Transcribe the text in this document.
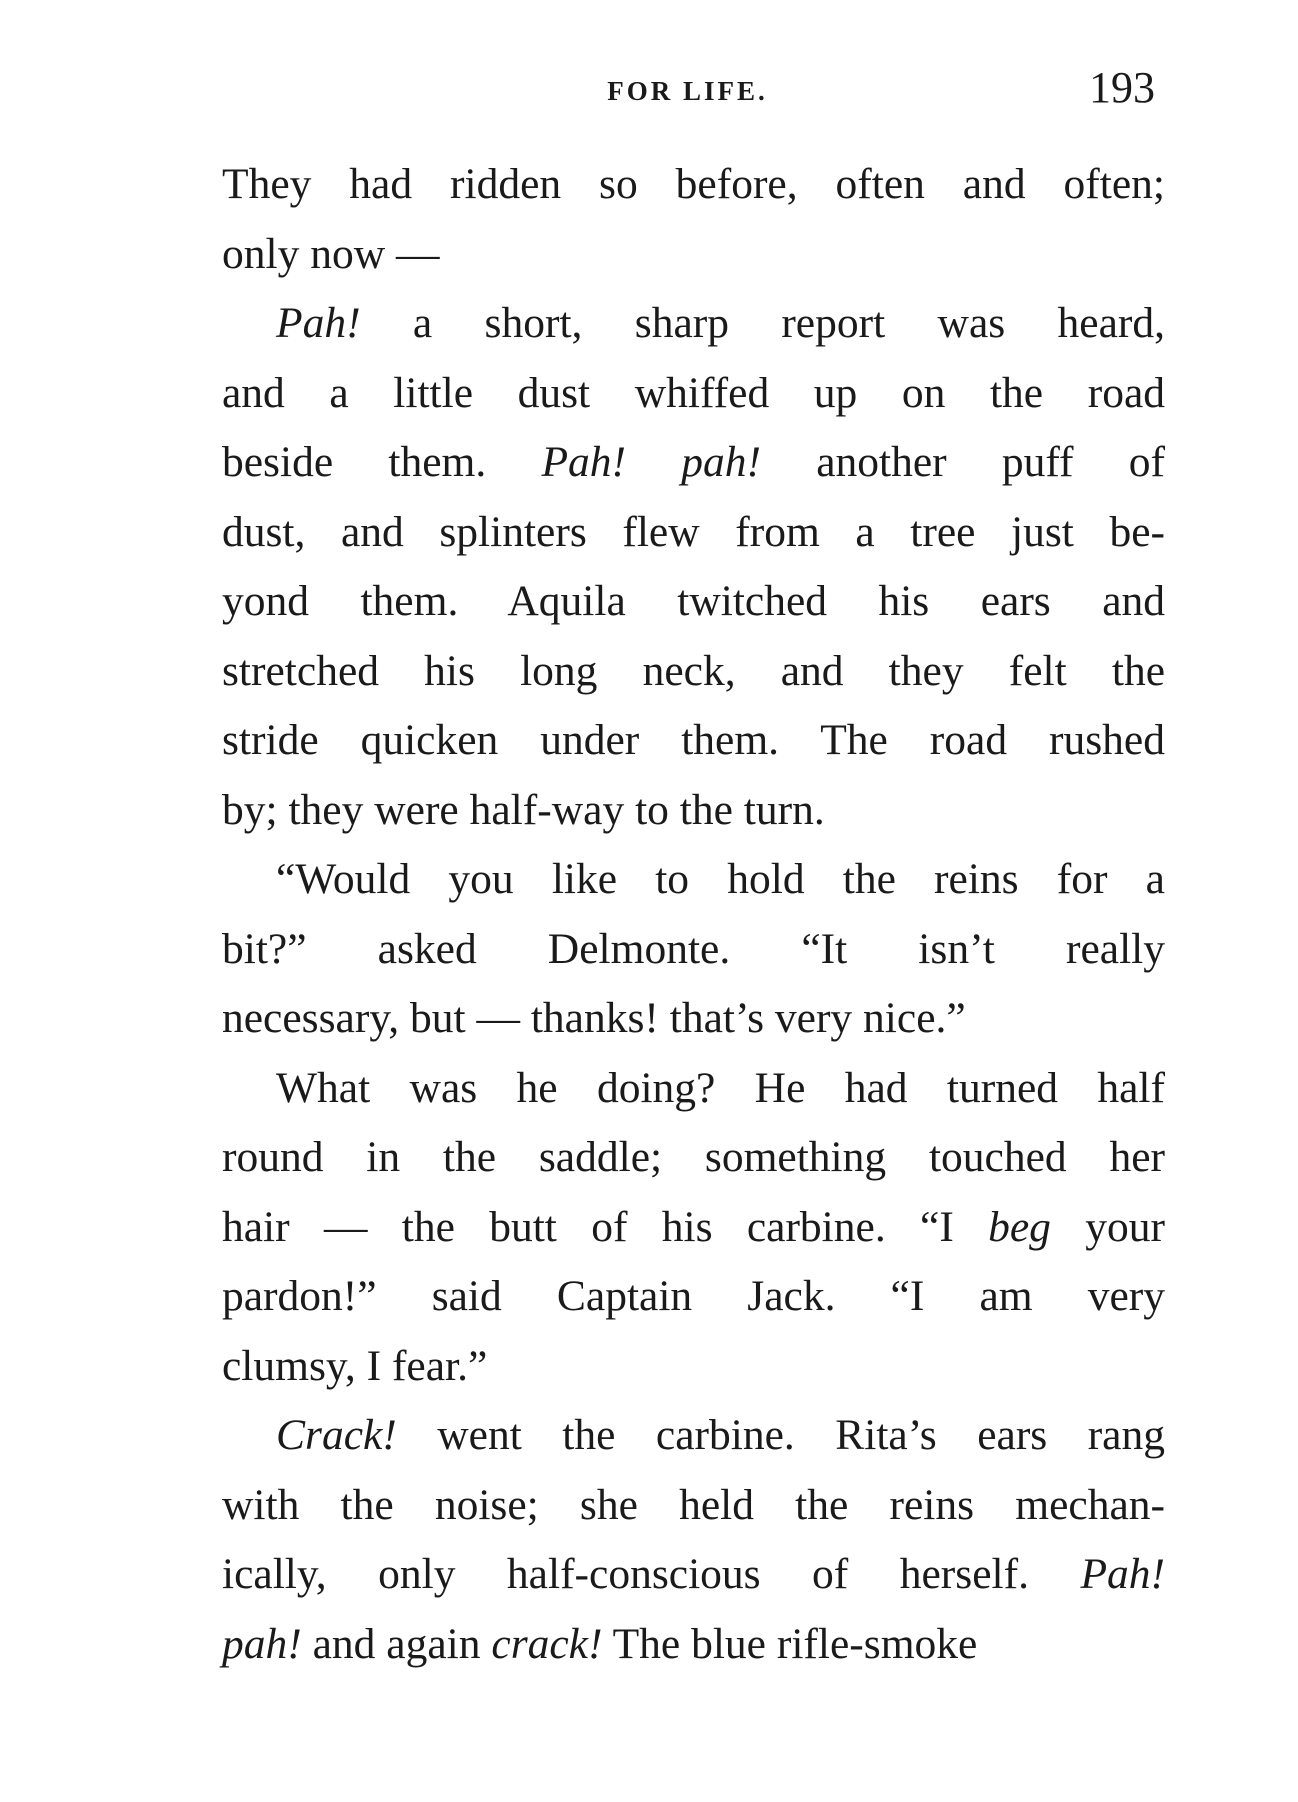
FOR LIFE.	193
They had ridden so before, often and often;
only now —
Pah! a short, sharp report was heard,
and a little dust whiffed up on the road
beside them. Pah! pah! another puff of
dust, and splinters flew from a tree just be-
yond them. Aquila twitched his ears and
stretched his long neck, and they felt the
stride quicken under them. The road rushed
by; they were half-way to the turn.
“Would you like to hold the reins for a
bit?” asked Delmonte. “It isn’t really
necessary, but — thanks! that’s very nice.”
What was he doing? He had turned half
round in the saddle; something touched her
hair — the butt of his carbine. “I beg your
pardon!” said Captain Jack. “I am very
clumsy, I fear.”
Crack! went the carbine. Rita’s ears rang
with the noise; she held the reins mechan-
ically, only half-conscious of herself. Pah!
pah! and again crack! The blue rifle-smoke
